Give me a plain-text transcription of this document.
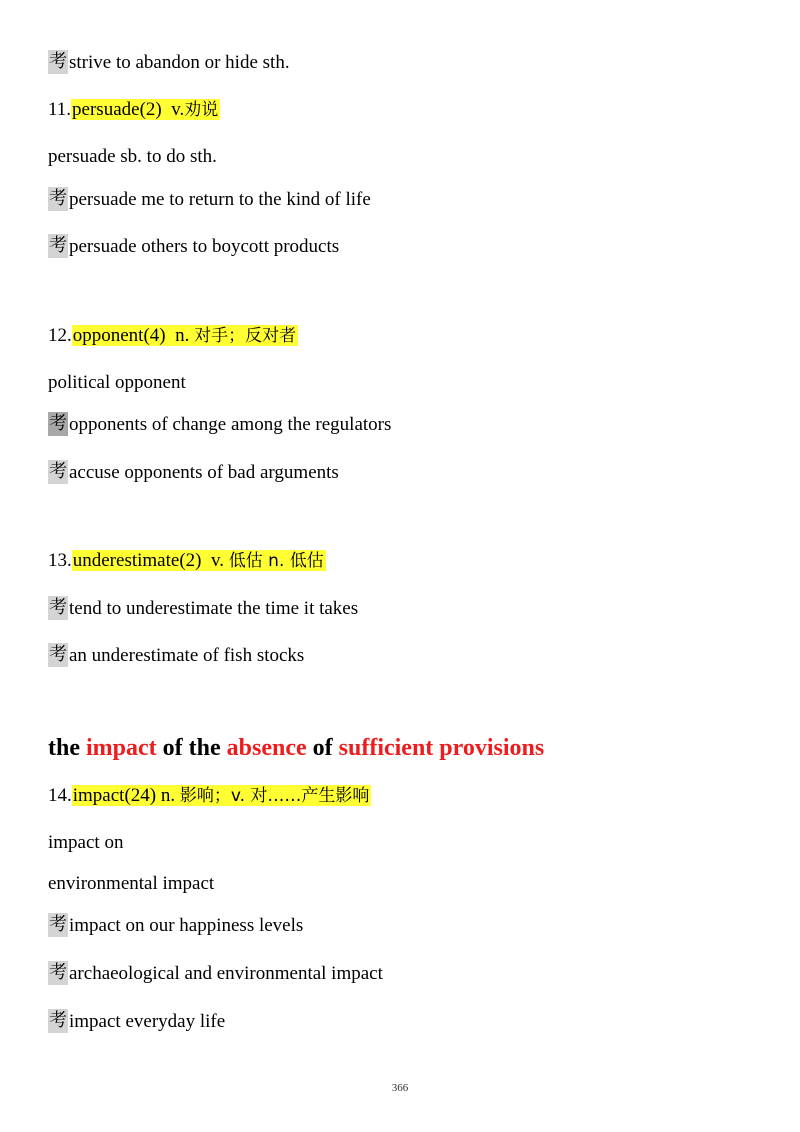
考 strive to abandon or hide sth.
11.persuade(2) v.劝说
persuade sb. to do sth.
考 persuade me to return to the kind of life
考 persuade others to boycott products
12.opponent(4) n. 对手；反对者
political opponent
考 opponents of change among the regulators
考 accuse opponents of bad arguments
13.underestimate(2) v. 低估 n. 低估
考 tend to underestimate the time it takes
考 an underestimate of fish stocks
the impact of the absence of sufficient provisions
14.impact(24) n. 影响；v. 对……产生影响
impact on
environmental impact
考 impact on our happiness levels
考 archaeological and environmental impact
考 impact everyday life
366
